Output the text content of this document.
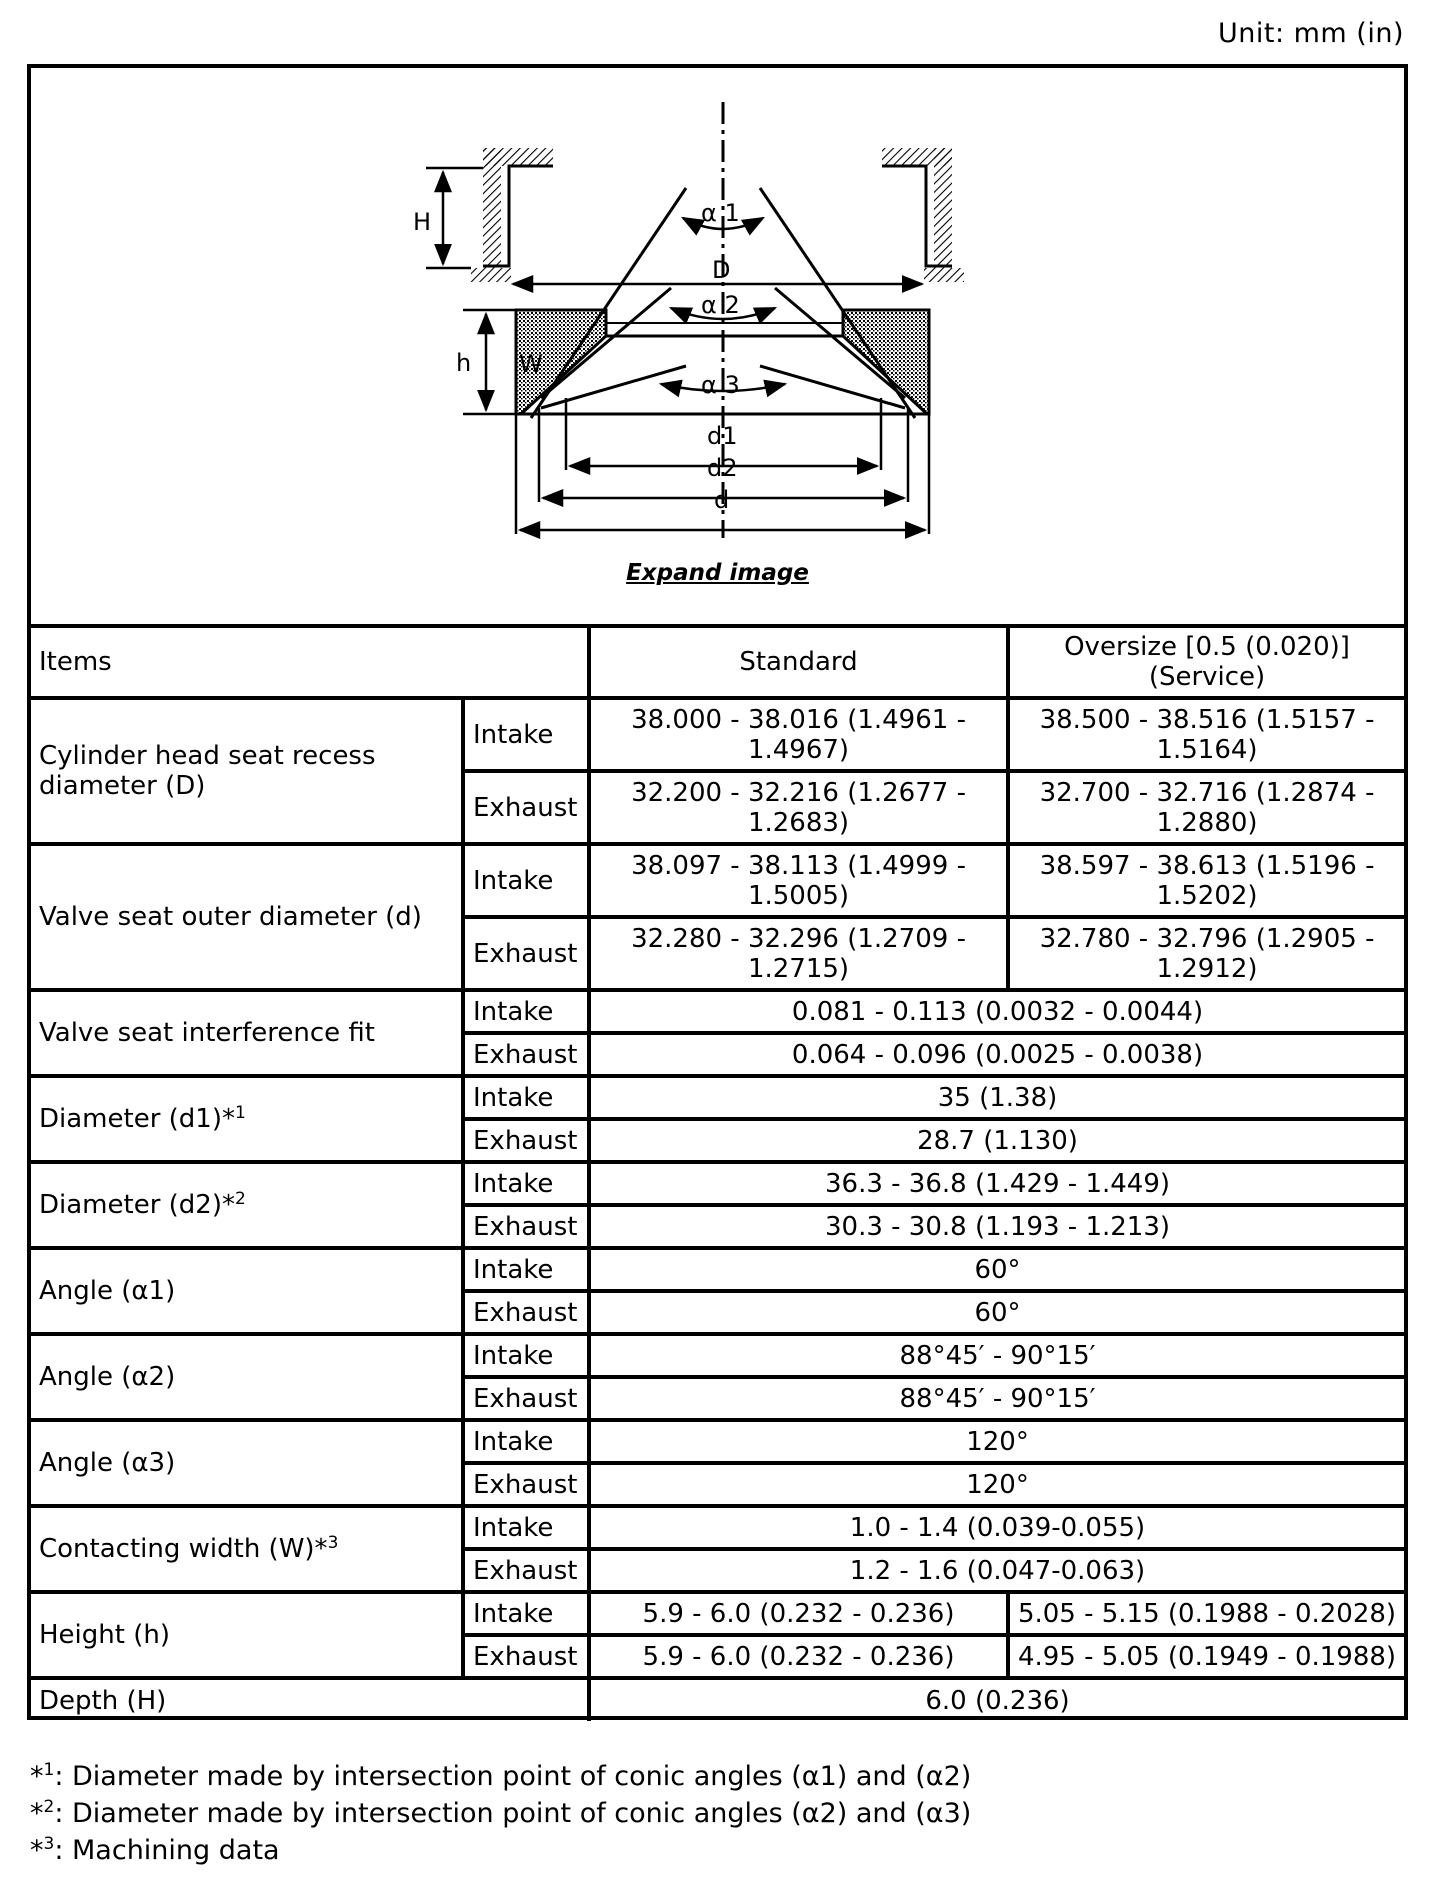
Unit: mm (in)
H
D
h W
α 1
α 2
α 3
d1
d2
d
Expand image
Items		Standard	Oversize [0.5 (0.020)]
(Service)
Cylinder head seat recess diameter (D)	Intake	38.000 - 38.016 (1.4961 - 1.4967)	38.500 - 38.516 (1.5157 - 1.5164)
	Exhaust	32.200 - 32.216 (1.2677 - 1.2683)	32.700 - 32.716 (1.2874 - 1.2880)
Valve seat outer diameter (d)	Intake	38.097 - 38.113 (1.4999 - 1.5005)	38.597 - 38.613 (1.5196 - 1.5202)
	Exhaust	32.280 - 32.296 (1.2709 - 1.2715)	32.780 - 32.796 (1.2905 - 1.2912)
Valve seat interference fit	Intake	0.081 - 0.113 (0.0032 - 0.0044)	
	Exhaust	0.064 - 0.096 (0.0025 - 0.0038)	
Diameter (d1)*$^1$	Intake	35 (1.38)	
	Exhaust	28.7 (1.130)	
Diameter (d2)*$^2$	Intake	36.3 - 36.8 (1.429 - 1.449)	
	Exhaust	30.3 - 30.8 (1.193 - 1.213)	
Angle (α1)	Intake	60°	
	Exhaust	60°	
Angle (α2)	Intake	88°45′ - 90°15′	
	Exhaust	88°45′ - 90°15′	
Angle (α3)	Intake	120°	
	Exhaust	120°	
Contacting width (W)*$^3$	Intake	1.0 - 1.4 (0.039-0.055)	
	Exhaust	1.2 - 1.6 (0.047-0.063)	
Height (h)	Intake	5.9 - 6.0 (0.232 - 0.236)	5.05 - 5.15 (0.1988 - 0.2028)
	Exhaust	5.9 - 6.0 (0.232 - 0.236)	4.95 - 5.05 (0.1949 - 0.1988)
Depth (H)		6.0 (0.236)	
*$^1$: Diameter made by intersection point of conic angles (α1) and (α2)
*$^2$: Diameter made by intersection point of conic angles (α2) and (α3)
*$^3$: Machining data
